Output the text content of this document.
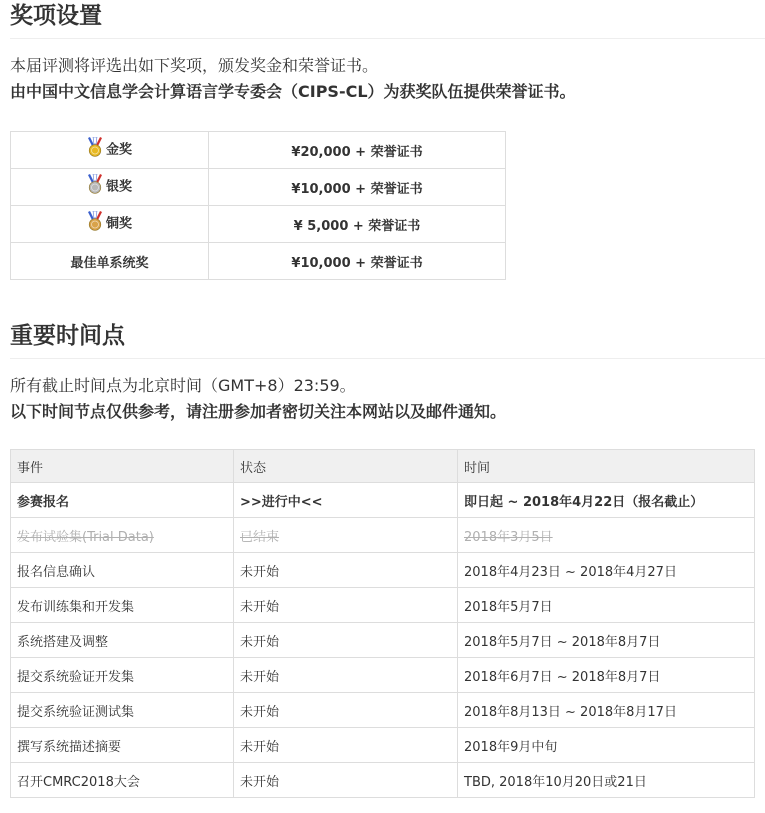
奖项设置

本届评测将评选出如下奖项，颁发奖金和荣誉证书。

由中国中文信息学会计算语言学专委会（CIPS-CL）为获奖队伍提供荣誉证书。

金奖	¥20,000 + 荣誉证书
银奖	¥10,000 + 荣誉证书
铜奖	¥ 5,000 + 荣誉证书
最佳单系统奖	¥10,000 + 荣誉证书
重要时间点

所有截止时间点为北京时间（GMT+8）23:59。

以下时间节点仅供参考，请注册参加者密切关注本网站以及邮件通知。

事件	状态	时间
参赛报名	>>进行中<<	即日起 ~ 2018年4月22日（报名截止）
发布试验集(Trial Data)	已结束	2018年3月5日
报名信息确认	未开始	2018年4月23日 ~ 2018年4月27日
发布训练集和开发集	未开始	2018年5月7日
系统搭建及调整	未开始	2018年5月7日 ~ 2018年8月7日
提交系统验证开发集	未开始	2018年6月7日 ~ 2018年8月7日
提交系统验证测试集	未开始	2018年8月13日 ~ 2018年8月17日
撰写系统描述摘要	未开始	2018年9月中旬
召开CMRC2018大会	未开始	TBD, 2018年10月20日或21日
